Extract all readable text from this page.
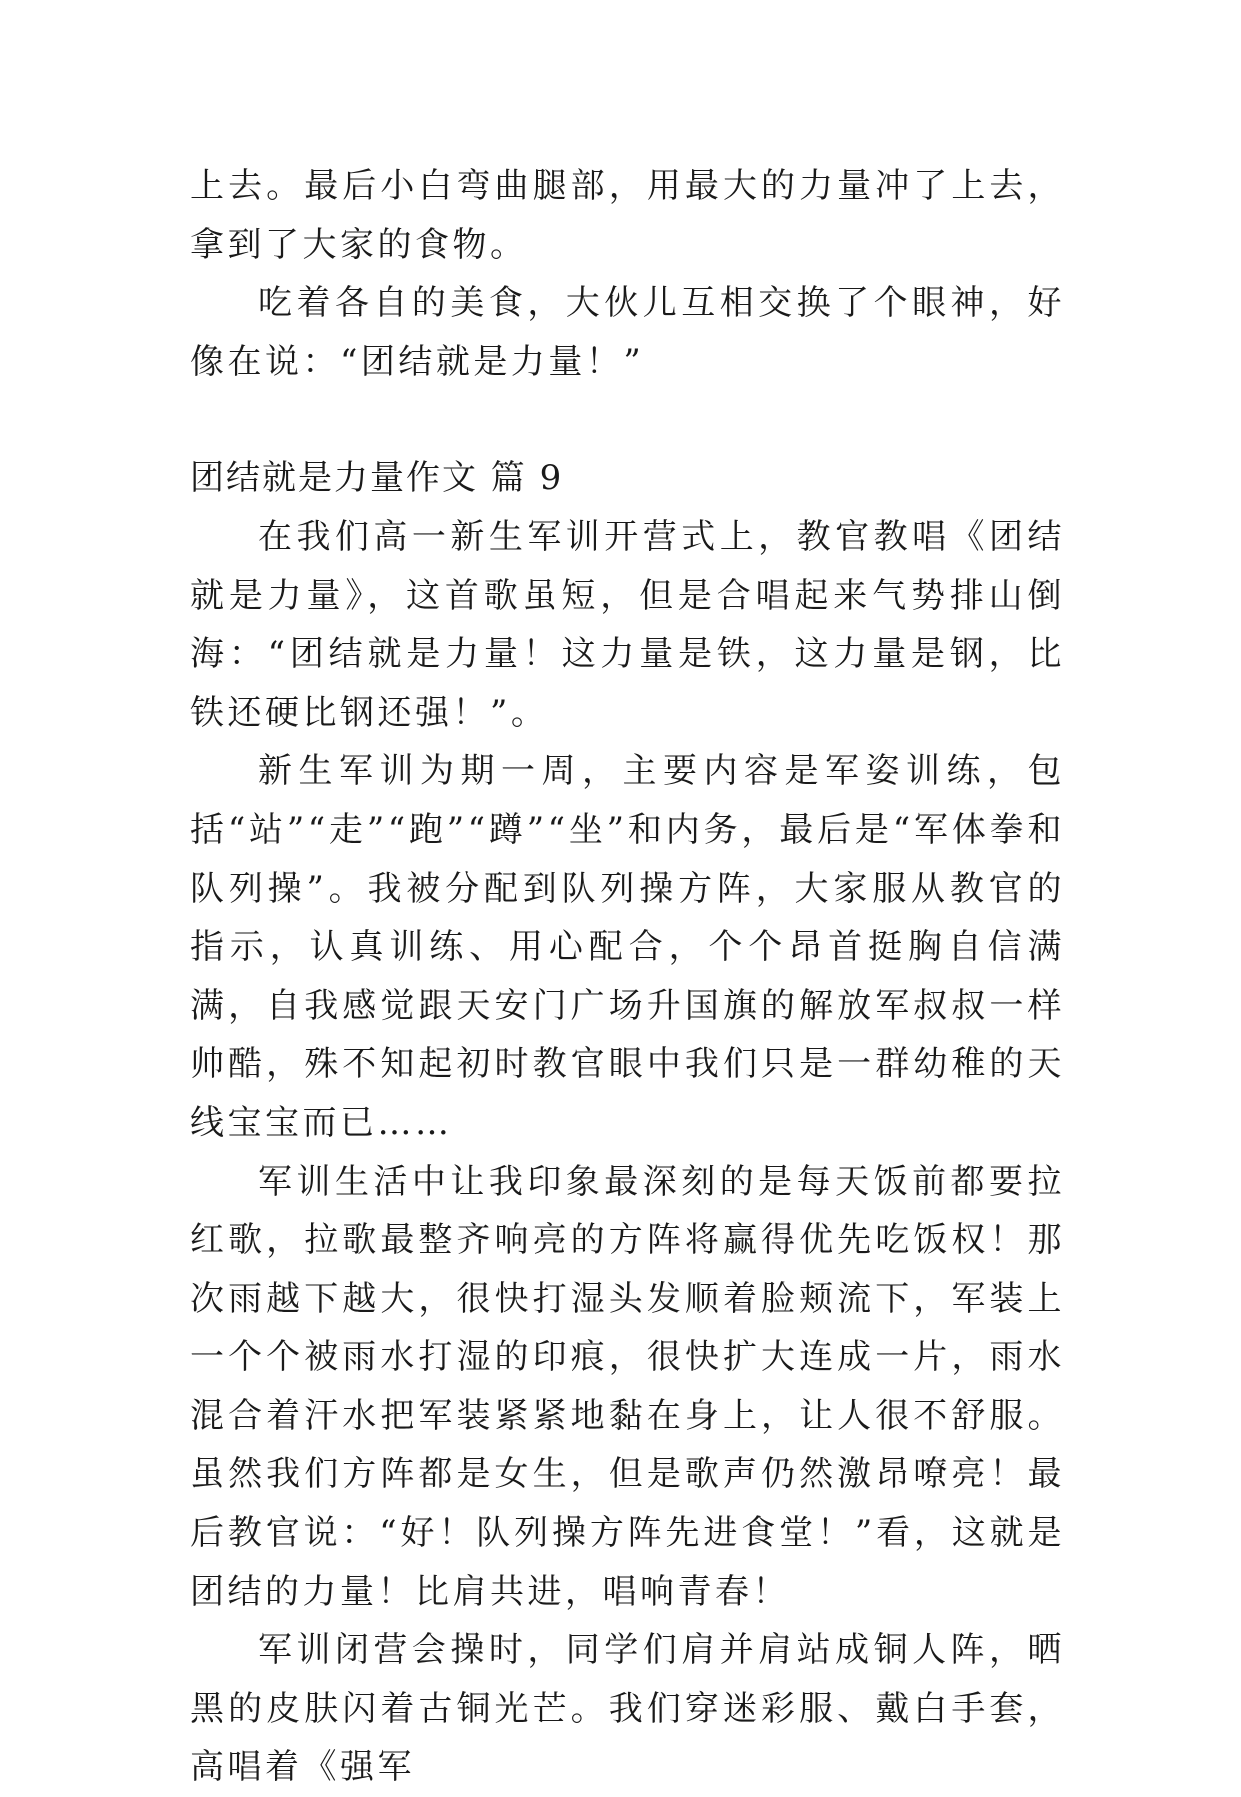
上去。最后小白弯曲腿部，用最大的力量冲了上去，拿到了大家的食物。

吃着各自的美食，大伙儿互相交换了个眼神，好像在说：“团结就是力量！”

团结就是力量作文 篇 9

在我们高一新生军训开营式上，教官教唱《团结就是力量》，这首歌虽短，但是合唱起来气势排山倒海：“团结就是力量！这力量是铁，这力量是钢，比铁还硬比钢还强！”。

新生军训为期一周，主要内容是军姿训练，包括“站”“走”“跑”“蹲”“坐”和内务，最后是“军体拳和队列操”。我被分配到队列操方阵，大家服从教官的指示，认真训练、用心配合，个个昂首挺胸自信满满，自我感觉跟天安门广场升国旗的解放军叔叔一样帅酷，殊不知起初时教官眼中我们只是一群幼稚的天线宝宝而已……

军训生活中让我印象最深刻的是每天饭前都要拉红歌，拉歌最整齐响亮的方阵将赢得优先吃饭权！那次雨越下越大，很快打湿头发顺着脸颊流下，军装上一个个被雨水打湿的印痕，很快扩大连成一片，雨水混合着汗水把军装紧紧地黏在身上，让人很不舒服。虽然我们方阵都是女生，但是歌声仍然激昂嘹亮！最后教官说：“好！队列操方阵先进食堂！”看，这就是团结的力量！比肩共进，唱响青春！

军训闭营会操时，同学们肩并肩站成铜人阵，晒黑的皮肤闪着古铜光芒。我们穿迷彩服、戴白手套，高唱着《强军
